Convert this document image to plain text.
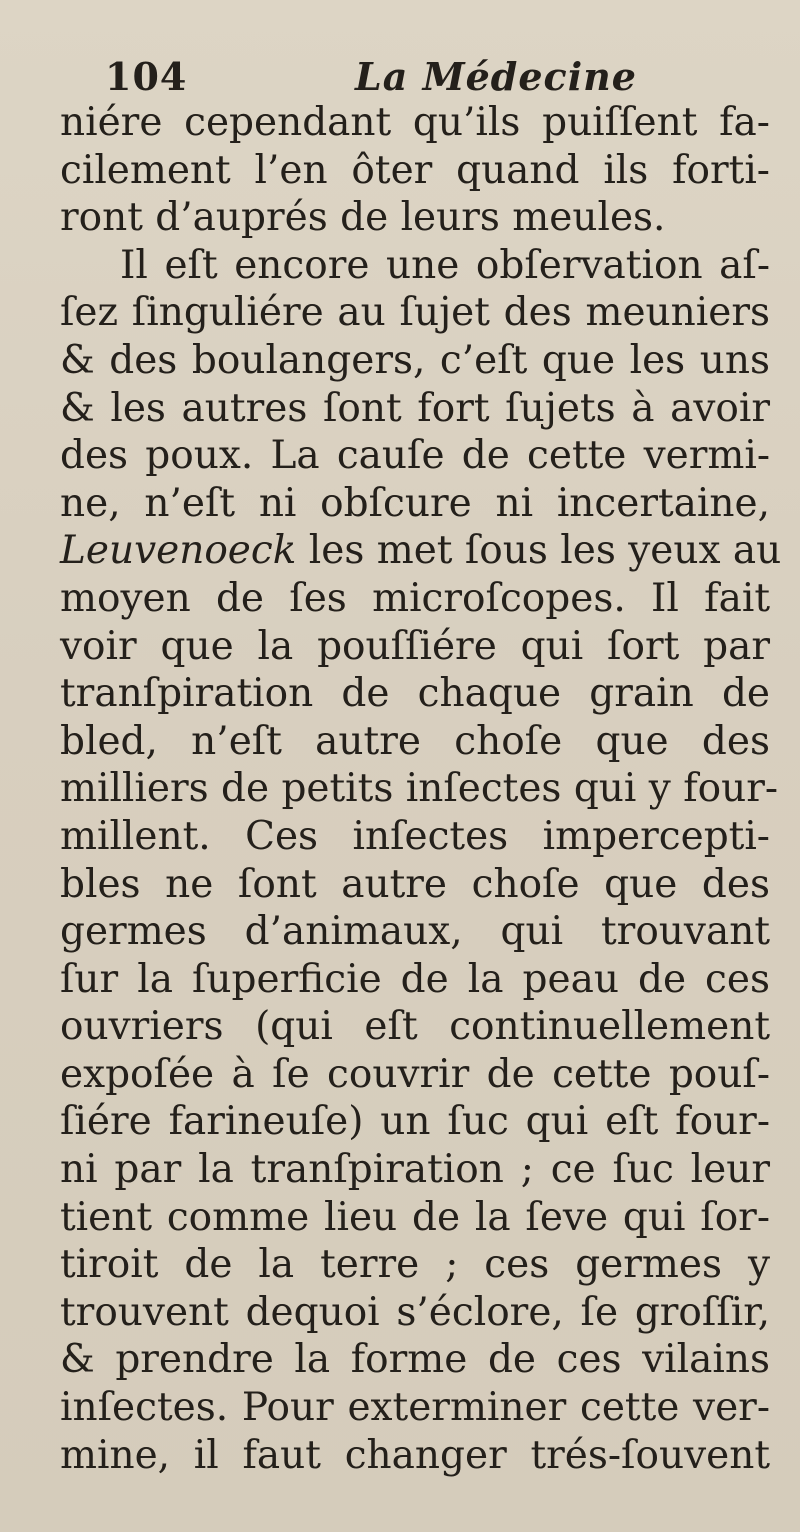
104	La Médecine
niére cependant qu’ils puiſſent fa-
cilement l’en ôter quand ils forti-
ront d’auprés de leurs meules.
Il eſt encore une obſervation aſ-
ſez ſinguliére au ſujet des meuniers
& des boulangers, c’eſt que les uns
& les autres ſont fort ſujets à avoir
des poux. La cauſe de cette vermi-
ne, n’eſt ni obſcure ni incertaine,
Leuvenoeck les met ſous les yeux au
moyen de ſes microſcopes. Il fait
voir que la pouſſiére qui ſort par
tranſpiration de chaque grain de
bled, n’eſt autre choſe que des
milliers de petits inſectes qui y four-
millent. Ces inſectes impercepti-
bles ne ſont autre choſe que des
germes d’animaux, qui trouvant
ſur la ſuperficie de la peau de ces
ouvriers (qui eſt continuellement
expoſée à ſe couvrir de cette pouſ-
ſiére farineuſe) un ſuc qui eſt four-
ni par la tranſpiration ; ce ſuc leur
tient comme lieu de la ſeve qui ſor-
tiroit de la terre ; ces germes y
trouvent dequoi s’éclore, ſe groſſir,
& prendre la forme de ces vilains
inſectes. Pour exterminer cette ver-
mine, il faut changer trés-ſouvent
